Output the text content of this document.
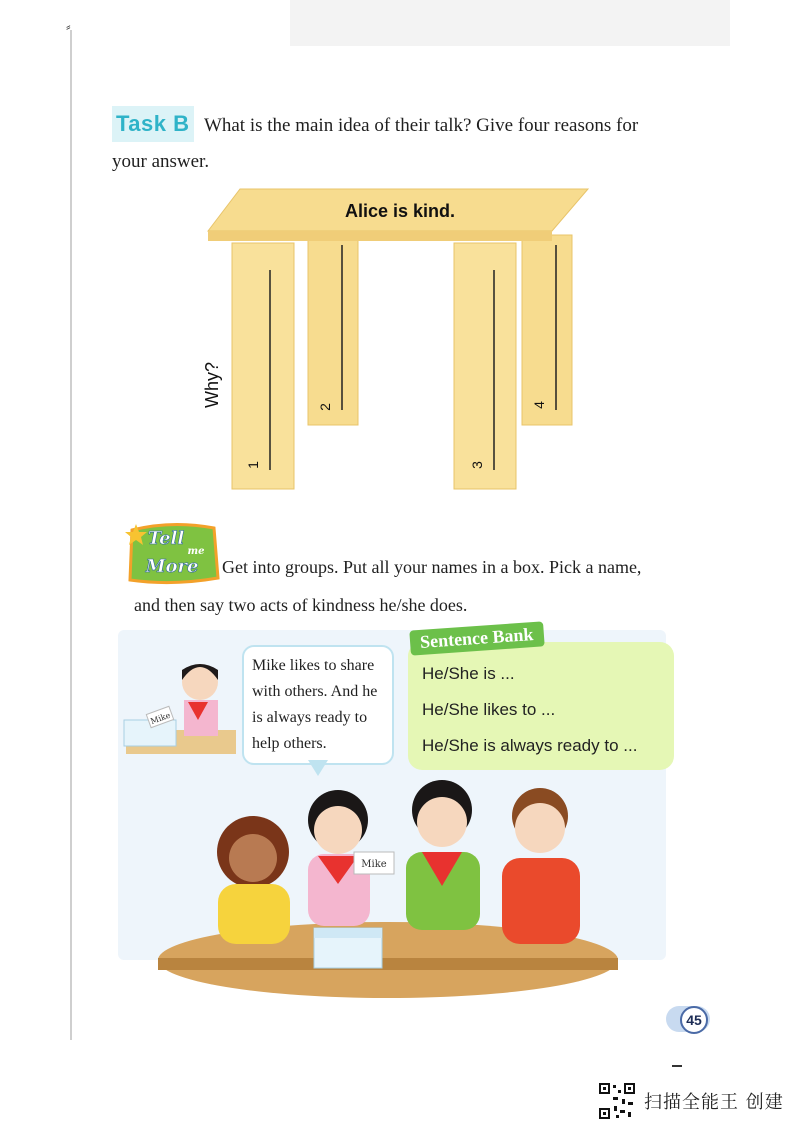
⸗
Task B What is the main idea of their talk? Give four reasons for your answer.
Alice is kind.
Why?
1
2
3
4
Tell
me
More	Get into groups. Put all your names in a box. Pick a name, and then say two acts of kindness he/she does.
Mike
Mike
Mike likes to share with others. And he is always ready to help others.
Sentence Bank
He/She is ...
He/She likes to ...
He/She is always ready to ...
45
扫描全能王 创建
